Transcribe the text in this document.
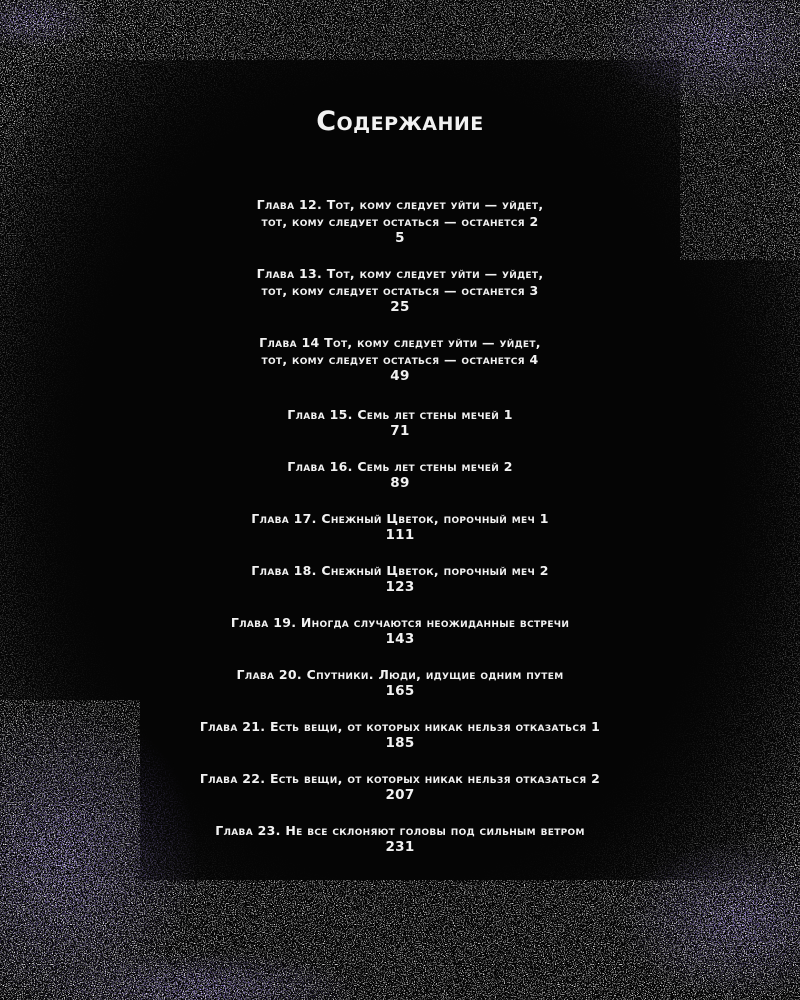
Содержание
Глава 12. Тот, кому следует уйти — уйдет,
тот, кому следует остаться — останется 2
5
Глава 13. Тот, кому следует уйти — уйдет,
тот, кому следует остаться — останется 3
25
Глава 14 Тот, кому следует уйти — уйдет,
тот, кому следует остаться — останется 4
49
Глава 15. Семь лет стены мечей 1
71
Глава 16. Семь лет стены мечей 2
89
Глава 17. Снежный Цветок, порочный меч 1
111
Глава 18. Снежный Цветок, порочный меч 2
123
Глава 19. Иногда случаются неожиданные встречи
143
Глава 20. Спутники. Люди, идущие одним путем
165
Глава 21. Есть вещи, от которых никак нельзя отказаться 1
185
Глава 22. Есть вещи, от которых никак нельзя отказаться 2
207
Глава 23. Не все склоняют головы под сильным ветром
231
